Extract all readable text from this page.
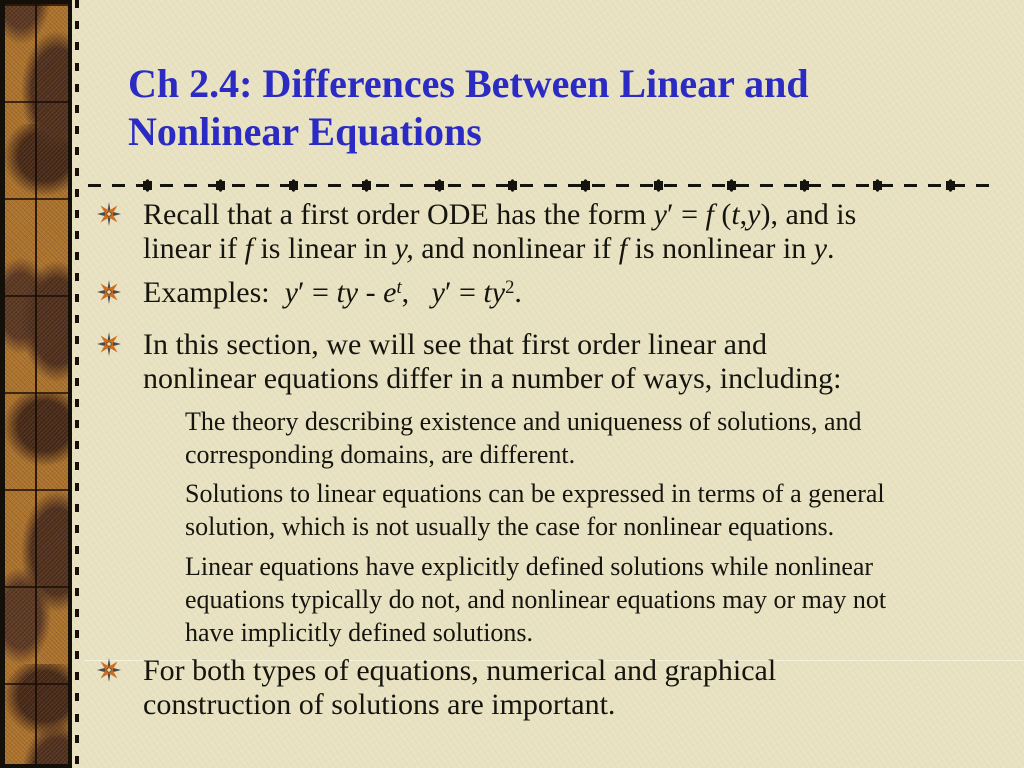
Ch 2.4: Differences Between Linear and
Nonlinear Equations
Recall that a first order ODE has the form y′ = f (t,y), and is
linear if f is linear in y, and nonlinear if f is nonlinear in y.
Examples:  y′ = ty - $e^t$,   $y' = ty^2$.
In this section, we will see that first order linear and
nonlinear equations differ in a number of ways, including:
The theory describing existence and uniqueness of solutions, and
corresponding domains, are different.
Solutions to linear equations can be expressed in terms of a general
solution, which is not usually the case for nonlinear equations.
Linear equations have explicitly defined solutions while nonlinear
equations typically do not, and nonlinear equations may or may not
have implicitly defined solutions.
For both types of equations, numerical and graphical
construction of solutions are important.
